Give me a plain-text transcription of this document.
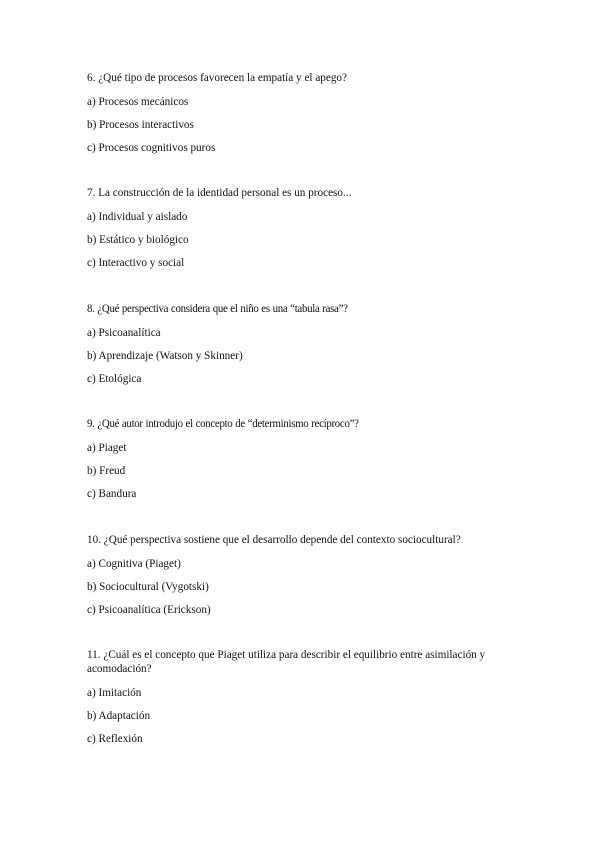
6. ¿Qué tipo de procesos favorecen la empatía y el apego?

a) Procesos mecánicos

b) Procesos interactivos

c) Procesos cognitivos puros

7. La construcción de la identidad personal es un proceso...

a) Individual y aislado

b) Estático y biológico

c) Interactivo y social

8. ¿Qué perspectiva considera que el niño es una “tabula rasa”?

a) Psicoanalítica

b) Aprendizaje (Watson y Skinner)

c) Etológica

9. ¿Qué autor introdujo el concepto de “determinismo recíproco”?

a) Piaget

b) Freud

c) Bandura

10. ¿Qué perspectiva sostiene que el desarrollo depende del contexto sociocultural?

a) Cognitiva (Piaget)

b) Sociocultural (Vygotski)

c) Psicoanalítica (Erickson)

11. ¿Cuál es el concepto que Piaget utiliza para describir el equilibrio entre asimilación y acomodación?

a) Imitación

b) Adaptación

c) Reflexión
